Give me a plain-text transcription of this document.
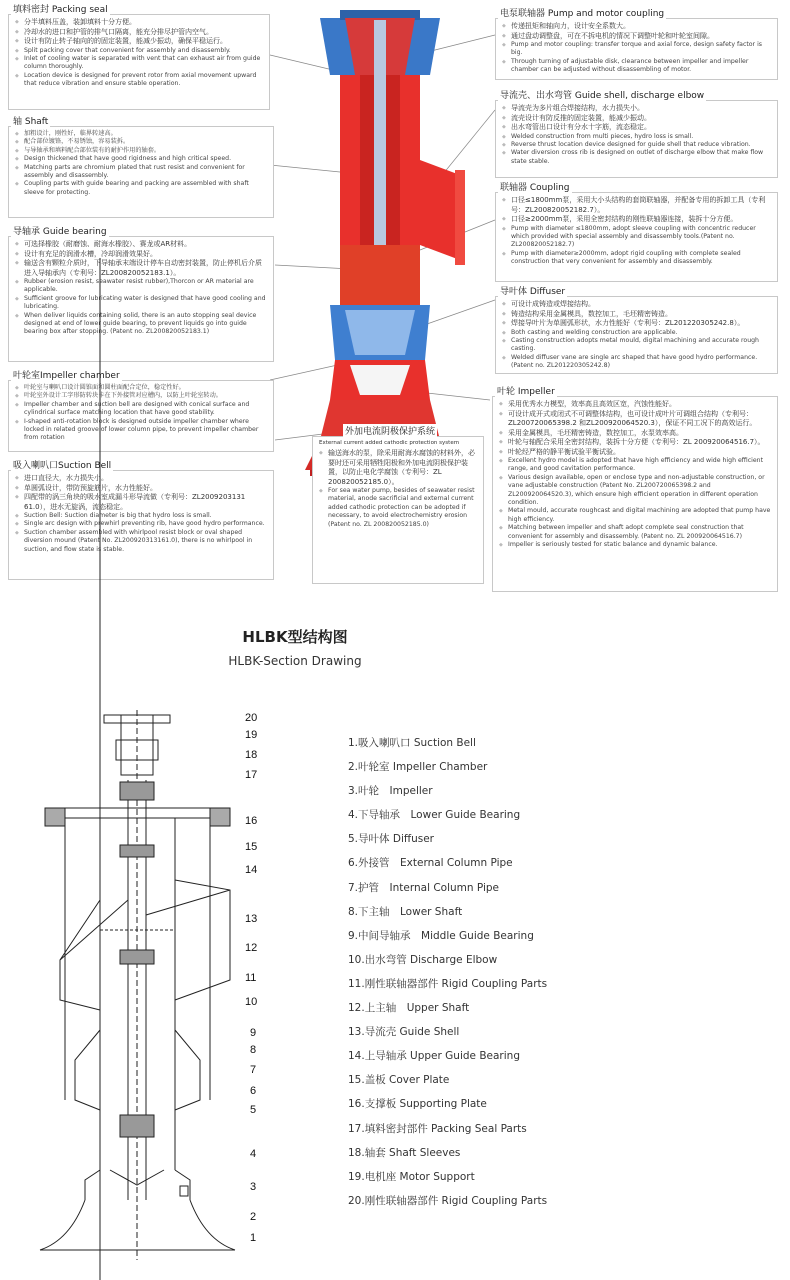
填料密封 Packing seal
◆ 分半填料压盖，装卸填料十分方便。
◆ 冷却水的进口和护管的排气口隔离，能充分排尽护管内空气。
◆ 设计有防止转子轴向的的固定装置，能减少振动，确保平稳运行。
◆ Split packing cover that convenient for assembly and disassembly.
◆ Inlet of cooling water is separated with vent that can exhaust air from guide column thoroughly.
◆ Location device is designed for prevent rotor from axial movement upward that reduce vibration and ensure stable operation.
轴 Shaft
◆ 加粗设计，刚性好，临界转速高。
◆ 配合部位镀铬，不易锈蚀，容易装拆。
◆ 与导轴承和填料配合部位装有的耐护作用的轴套。
◆ Design thickened that have good rigidness and high critical speed.
◆ Matching parts are chromium plated that rust resist and convenient for assembly and disassembly.
◆ Coupling parts with guide bearing and packing are assembled with shaft sleeve for protecting.
导轴承 Guide bearing
◆ 可选择橡胶（耐磨蚀、耐海水橡胶）、赛龙或AR材料。
◆ 设计有充足的润滑水槽，冷却润滑效果好。
◆ 输送含有颗粒介质时，下导轴承末端设计停车自动密封装置，防止停机后介质进入导轴承内（专利号：ZL200820052183.1）。
◆ Rubber (erosion resist, seawater resist rubber),Thorcon or AR material are applicable.
◆ Sufficient groove for lubricating water is designed that have good cooling and lubricating.
◆ When deliver liquids containing solid, there is an auto stopping seal device designed at end of lower guide bearing, to prevent liquids go into guide bearing box after stopping. (Patent no. ZL200820052183.1)
叶轮室Impeller chamber
◆ 叶轮室与喇叭口设计圆锥面和圆柱面配合定位，稳定性好。
◆ 叶轮室外设计工字形防转块卡在下外接管对应槽内，以防上叶轮室转动。
◆ Impeller chamber and suction bell are designed with conical surface and cylindrical surface matching location that have good stability.
◆ I-shaped anti-rotation block is designed outside impeller chamber where locked in related groove of lower column pipe, to prevent impeller chamber from rotation
吸入喇叭口Suction Bell
◆ 进口直径大，水力损失小。
◆ 单圆弧设计，带防预旋筋片，水力性能好。
◆ 四配带的涡三角块的吸水室成漏斗形导流做（专利号：ZL2009203131 61.0），进水无旋涡，流态稳定。
◆ Suction Bell: Suction diameter is big that hydro loss is small.
◆ Single arc design with prewhirl preventing rib, have good hydro performance.
◆ Suction chamber assembled with whirlpool resist block or oval shaped diversion mound (Patent No. ZL200920313161.0), there is no whirlpool in suction, and flow state is stable.
电泵联轴器 Pump and motor coupling
◆ 传递扭矩和轴向力，设计安全系数大。
◆ 通过盘动调整盘，可在不拆电机的情况下调整叶轮和叶轮室间隙。
◆ Pump and motor coupling: transfer torque and axial force, design safety factor is big.
◆ Through turning of adjustable disk, clearance between impeller and impeller chamber can be adjusted without disassembling of motor.
导流壳、出水弯管 Guide shell, discharge elbow
◆ 导流壳为多片组合焊接结构，水力损失小。
◆ 流壳设计有防反推的固定装置，能减少振动。
◆ 出水弯管出口设计有分水十字筋，流态稳定。
◆ Welded construction from multi pieces, hydro loss is small.
◆ Reverse thrust location device designed for guide shell that reduce vibration.
◆ Water diversion cross rib is designed on outlet of discharge elbow that make flow state stable.
联轴器 Coupling
◆ 口径≤1800mm泵，采用大小头结构的套筒联轴器，并配备专用的拆卸工具（专利号：ZL200820052182.7）。
◆ 口径≥2000mm泵，采用全密封结构的刚性联轴器连接，装拆十分方便。
◆ Pump with diameter ≤1800mm, adopt sleeve coupling with concentric reducer which provided with special assembly and disassembly tools.(Patent no. ZL200820052182.7)
◆ Pump with diameter≥2000mm, adopt rigid coupling with complete sealed construction that very convenient for assembly and disassembly.
导叶体 Diffuser
◆ 可设计成铸造或焊接结构。
◆ 铸造结构采用金属模具，数控加工，毛坯精密铸造。
◆ 焊接导叶片为单圆弧形状，水力性能好（专利号：ZL201220305242.8）。
◆ Both casting and welding construction are applicable.
◆ Casting construction adopts metal mould, digital machining and accurate rough casting.
◆ Welded diffuser vane are single arc shaped that have good hydro performance. (Patent no. ZL201220305242.8)
外加电流阴极保护系统
External current added cathodic protection system
◆ 输送海水的泵，除采用耐海水腐蚀的材料外，必要时还可采用牺牲阳极和外加电流阴极保护装置，以防止电化学腐蚀（专利号：ZL 200820052185.0）。
◆ For sea water pump, besides of seawater resist material, anode sacrificial and external current added cathodic protection can be adopted if necessary, to avoid electrochemistry erosion (Patent no. ZL 200820052185.0)
叶轮 Impeller
◆ 采用优秀水力模型，效率高且高效区宽，汽蚀性能好。
◆ 可设计成开式或闭式不可调整体结构，也可设计成叶片可调组合结构（专利号：ZL200720065398.2 和ZL200920064520.3），保证不同工况下的高效运行。
◆ 采用金属模具，毛坯精密铸造，数控加工，水泵效率高。
◆ 叶轮与轴配合采用全密封结构，装拆十分方便（专利号：ZL 200920064516.7）。
◆ 叶轮经严格的静平衡试验平衡试验。
◆ Excellent hydro model is adopted that have high efficiency and wide high efficient range, and good cavitation performance.
◆ Various design available, open or enclose type and non-adjustable construction, or vane adjustable construction (Patent No. ZL200720065398.2 and ZL200920064520.3), which ensure high efficient operation in different operation condition.
◆ Metal mould, accurate roughcast and digital machining are adopted that pump have high efficiency.
◆ Matching between impeller and shaft adopt complete seal construction that convenient for assembly and disassembly. (Patent no. ZL 200920064516.7)
◆ Impeller is seriously tested for static balance and dynamic balance.
HLBK型结构图
HLBK-Section Drawing
20
19
18
17
16
15
14
13
12
11
10
9
8
7
6
5
4
3
2
1
1.吸入喇叭口 Suction Bell
2.叶轮室 Impeller Chamber
3.叶轮　Impeller
4.下导轴承　Lower Guide Bearing
5.导叶体 Diffuser
6.外接管　External Column Pipe
7.护管　Internal Column Pipe
8.下主轴　Lower Shaft
9.中间导轴承　Middle Guide Bearing
10.出水弯管 Discharge Elbow
11.刚性联轴器部件 Rigid Coupling Parts
12.上主轴　Upper Shaft
13.导流壳 Guide Shell
14.上导轴承 Upper Guide Bearing
15.盖板 Cover Plate
16.支撑板 Supporting Plate
17.填料密封部件 Packing Seal Parts
18.轴套 Shaft Sleeves
19.电机座 Motor Support
20.刚性联轴器部件 Rigid Coupling Parts
